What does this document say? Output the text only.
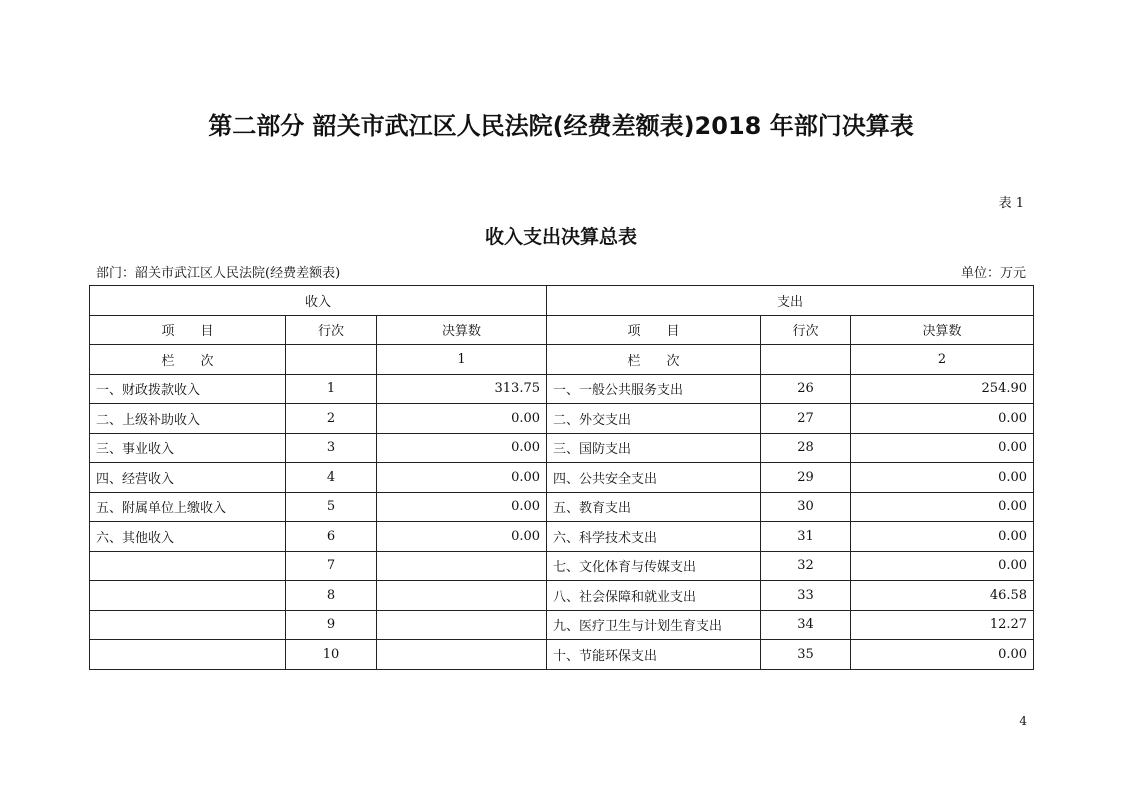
第二部分 韶关市武江区人民法院(经费差额表)2018 年部门决算表
表 1
收入支出决算总表
部门：韶关市武江区人民法院(经费差额表)	单位：万元
收入			支出		
项　　目	行次	决算数	项　　目	行次	决算数
栏　　次		1	栏　　次		2
一、财政拨款收入	1	313.75	一、一般公共服务支出	26	254.90
二、上级补助收入	2	0.00	二、外交支出	27	0.00
三、事业收入	3	0.00	三、国防支出	28	0.00
四、经营收入	4	0.00	四、公共安全支出	29	0.00
五、附属单位上缴收入	5	0.00	五、教育支出	30	0.00
六、其他收入	6	0.00	六、科学技术支出	31	0.00
	7		七、文化体育与传媒支出	32	0.00
	8		八、社会保障和就业支出	33	46.58
	9		九、医疗卫生与计划生育支出	34	12.27
	10		十、节能环保支出	35	0.00
4
